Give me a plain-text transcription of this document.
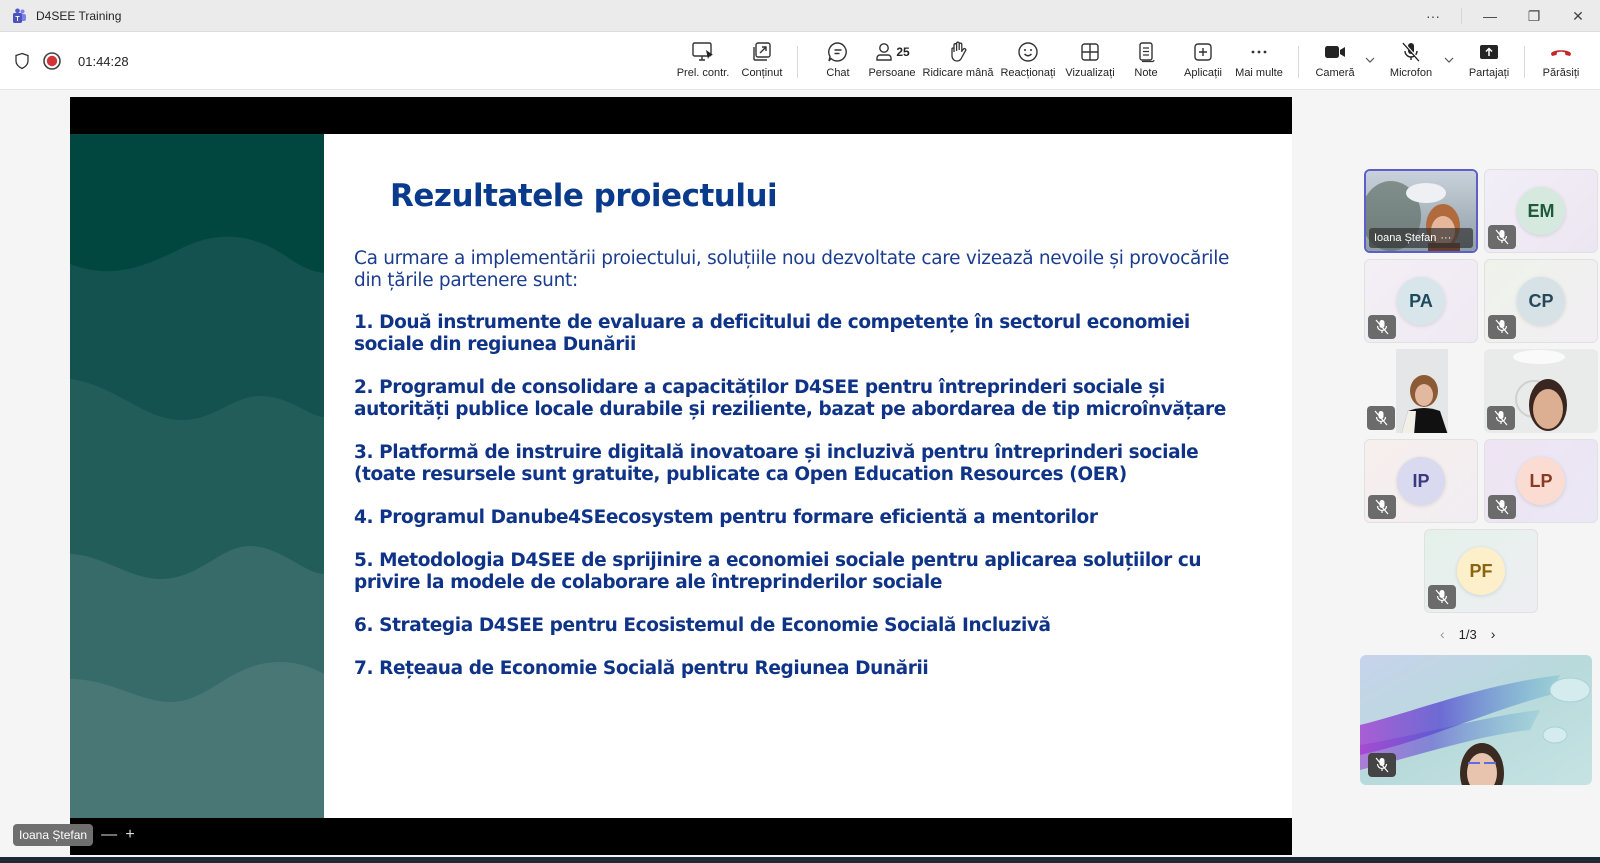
T D4SEE Training	···	—	❐	✕
01:44:28
Prel. contr. Conținut	Chat
25
Persoane Ridicare mână Reacționați Vizualizați Note Aplicații Mai multe	Cameră	Microfon	Partajați	Părăsiți
Rezultatele proiectului
Ca urmare a implementării proiectului, soluțiile nou dezvoltate care vizează nevoile și provocările din țările partenere sunt:
1. Două instrumente de evaluare a deficitului de competențe în sectorul economiei sociale din regiunea Dunării
2. Programul de consolidare a capacităților D4SEE pentru întreprinderi sociale și autorități publice locale durabile și reziliente, bazat pe abordarea de tip microînvățare
3. Platformă de instruire digitală inovatoare și incluzivă pentru întreprinderi sociale (toate resursele sunt gratuite, publicate ca Open Education Resources (OER)
4. Programul Danube4SEecosystem pentru formare eficientă a mentorilor
5. Metodologia D4SEE de sprijinire a economiei sociale pentru aplicarea soluțiilor cu privire la modele de colaborare ale întreprinderilor sociale
6. Strategia D4SEE pentru Ecosistemul de Economie Socială Incluzivă
7. Rețeaua de Economie Socială pentru Regiunea Dunării
Ioana Ștefan — +
Ioana Ștefan ···
EM
PA	CP
IP	LP
PF
‹ 1/3 ›
